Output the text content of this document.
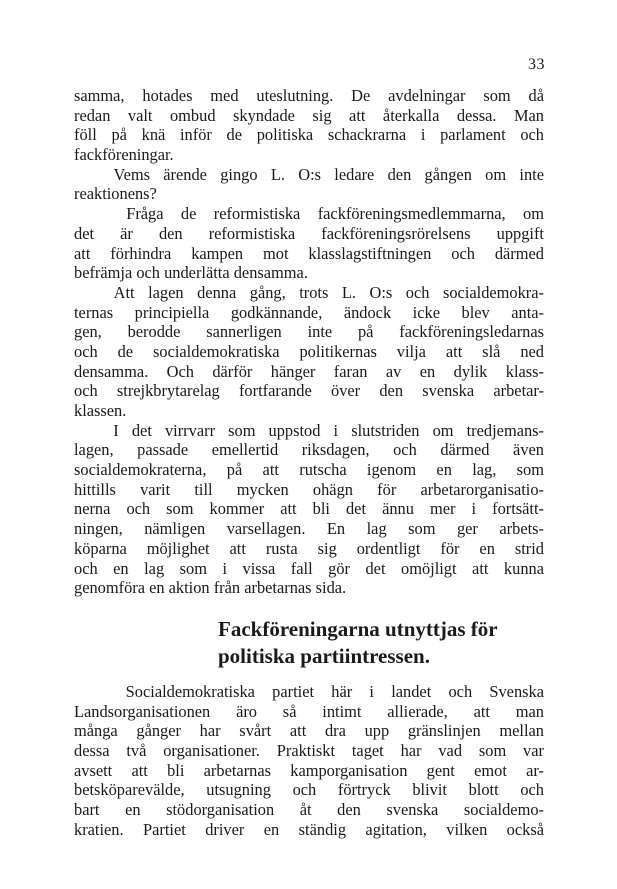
33
samma, hotades med uteslutning. De avdelningar som då
redan valt ombud skyndade sig att återkalla dessa. Man
föll på knä inför de politiska schackrarna i parlament och
fackföreningar.
Vems ärende gingo L. O:s ledare den gången om inte
reaktionens?
Fråga de reformistiska fackföreningsmedlemmarna, om
det är den reformistiska fackföreningsrörelsens uppgift
att förhindra kampen mot klasslagstiftningen och därmed
befrämja och underlätta densamma.
Att lagen denna gång, trots L. O:s och socialdemokra-
ternas principiella godkännande, ändock icke blev anta-
gen, berodde sannerligen inte på fackföreningsledarnas
och de socialdemokratiska politikernas vilja att slå ned
densamma. Och därför hänger faran av en dylik klass-
och strejkbrytarelag fortfarande över den svenska arbetar-
klassen.
I det virrvarr som uppstod i slutstriden om tredjemans-
lagen, passade emellertid riksdagen, och därmed även
socialdemokraterna, på att rutscha igenom en lag, som
hittills varit till mycken ohägn för arbetarorganisatio-
nerna och som kommer att bli det ännu mer i fortsätt-
ningen, nämligen varsellagen. En lag som ger arbets-
köparna möjlighet att rusta sig ordentligt för en strid
och en lag som i vissa fall gör det omöjligt att kunna
genomföra en aktion från arbetarnas sida.
Fackföreningarna utnyttjas för
politiska partiintressen.
Socialdemokratiska partiet här i landet och Svenska
Landsorganisationen äro så intimt allierade, att man
många gånger har svårt att dra upp gränslinjen mellan
dessa två organisationer. Praktiskt taget har vad som var
avsett att bli arbetarnas kamporganisation gent emot ar-
betsköparevälde, utsugning och förtryck blivit blott och
bart en stödorganisation åt den svenska socialdemo-
kratien. Partiet driver en ständig agitation, vilken också
